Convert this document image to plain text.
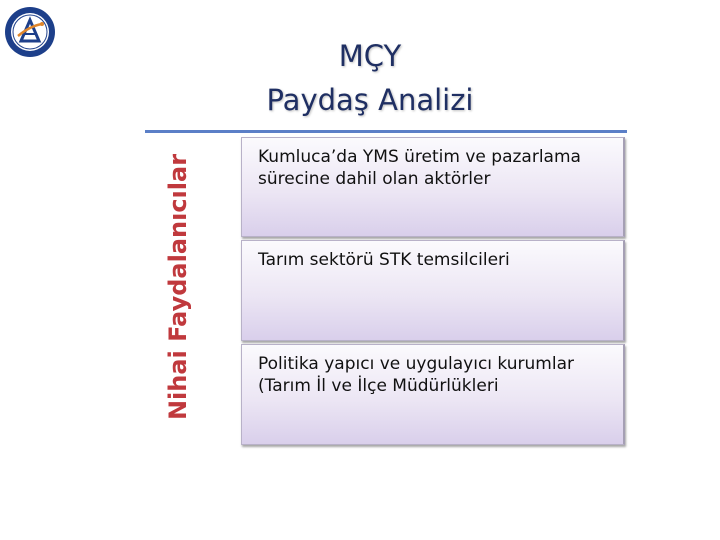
MÇY
Paydaş Analizi
Nihai Faydalanıcılar	Kumluca’da YMS üretim ve pazarlama sürecine dahil olan aktörler

Tarım sektörü STK temsilcileri

Politika yapıcı ve uygulayıcı kurumlar (Tarım İl ve İlçe Müdürlükleri
